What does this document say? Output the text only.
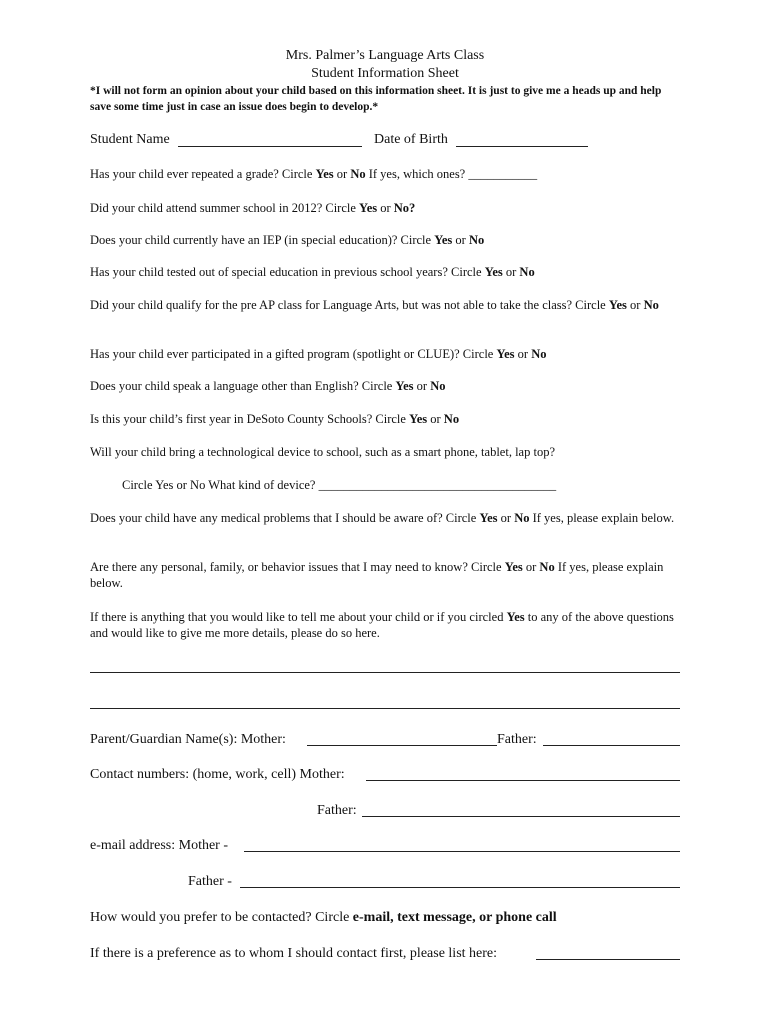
Mrs. Palmer’s Language Arts Class
Student Information Sheet
*I will not form an opinion about your child based on this information sheet. It is just to give me a heads up and help save some time just in case an issue does begin to develop.*
Student Name	Date of Birth
Has your child ever repeated a grade? Circle Yes or No If yes, which ones? ___________
Did your child attend summer school in 2012? Circle Yes or No?
Does your child currently have an IEP (in special education)? Circle Yes or No
Has your child tested out of special education in previous school years? Circle Yes or No
Did your child qualify for the pre AP class for Language Arts, but was not able to take the class? Circle Yes or No
Has your child ever participated in a gifted program (spotlight or CLUE)? Circle Yes or No
Does your child speak a language other than English? Circle Yes or No
Is this your child’s first year in DeSoto County Schools? Circle Yes or No
Will your child bring a technological device to school, such as a smart phone, tablet, lap top?
Circle Yes or No What kind of device? ______________________________________
Does your child have any medical problems that I should be aware of? Circle Yes or No If yes, please explain below.
Are there any personal, family, or behavior issues that I may need to know? Circle Yes or No If yes, please explain below.
If there is anything that you would like to tell me about your child or if you circled Yes to any of the above questions and would like to give me more details, please do so here.
Parent/Guardian Name(s): Mother:	Father:
Contact numbers: (home, work, cell) Mother:
Father:
e-mail address: Mother -
Father -
How would you prefer to be contacted? Circle e-mail, text message, or phone call
If there is a preference as to whom I should contact first, please list here:
